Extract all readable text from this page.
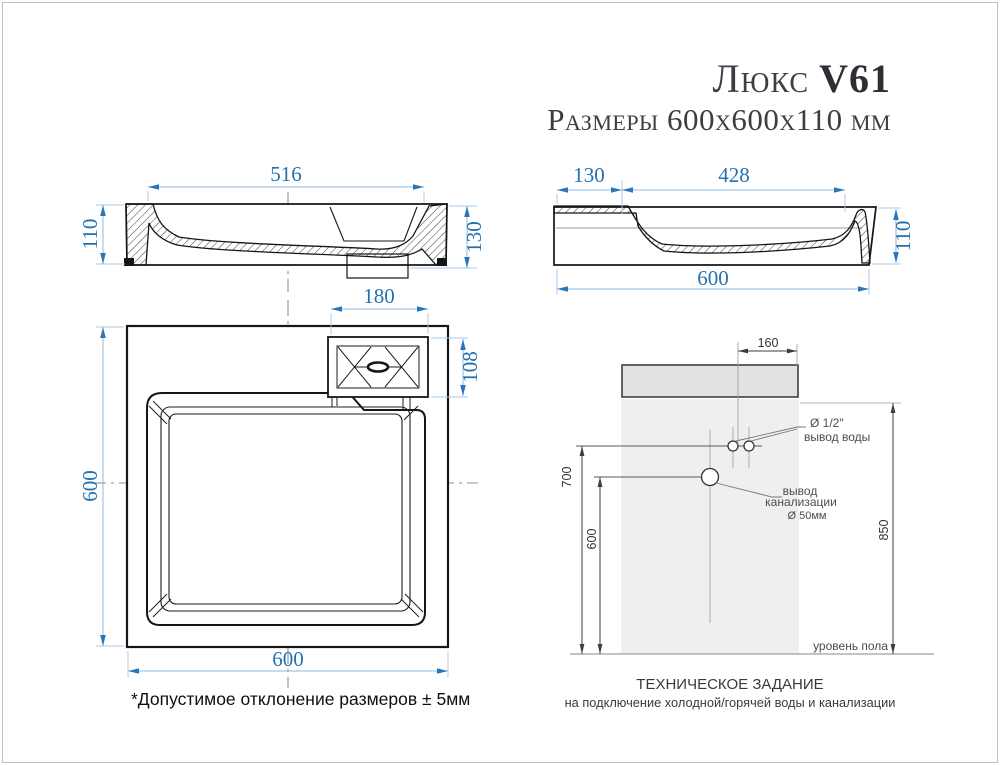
Люкс V61
Размеры 600x600x110 мм
516
110	130
130	428
600
110
180
108
600
600
Ø 1/2"
вывод воды
вывод
канализации
Ø 50мм
уровень пола
160
700
600	850
*Допустимое отклонение размеров ± 5мм
ТЕХНИЧЕСКОЕ ЗАДАНИЕ
на подключение холодной/горячей воды и канализации
